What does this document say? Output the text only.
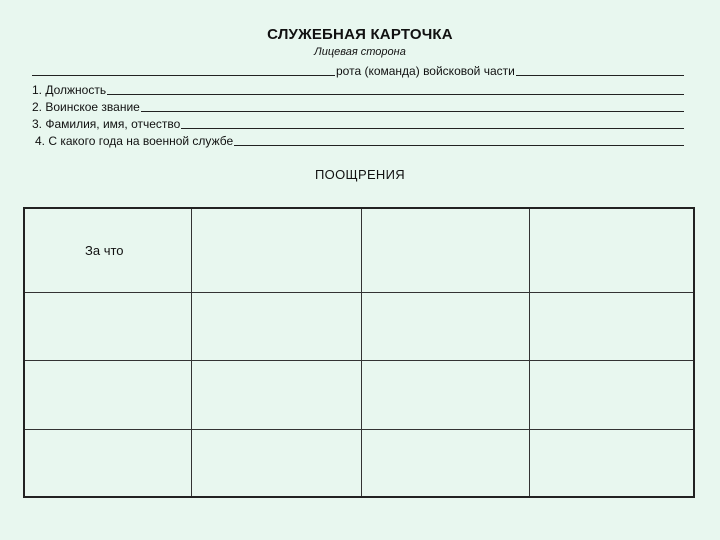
СЛУЖЕБНАЯ КАРТОЧКА
Лицевая сторона
рота (команда) войсковой части
1. Должность
2. Воинское звание
3. Фамилия, имя, отчество
4. С какого года на военной службе
ПООЩРЕНИЯ
За что
